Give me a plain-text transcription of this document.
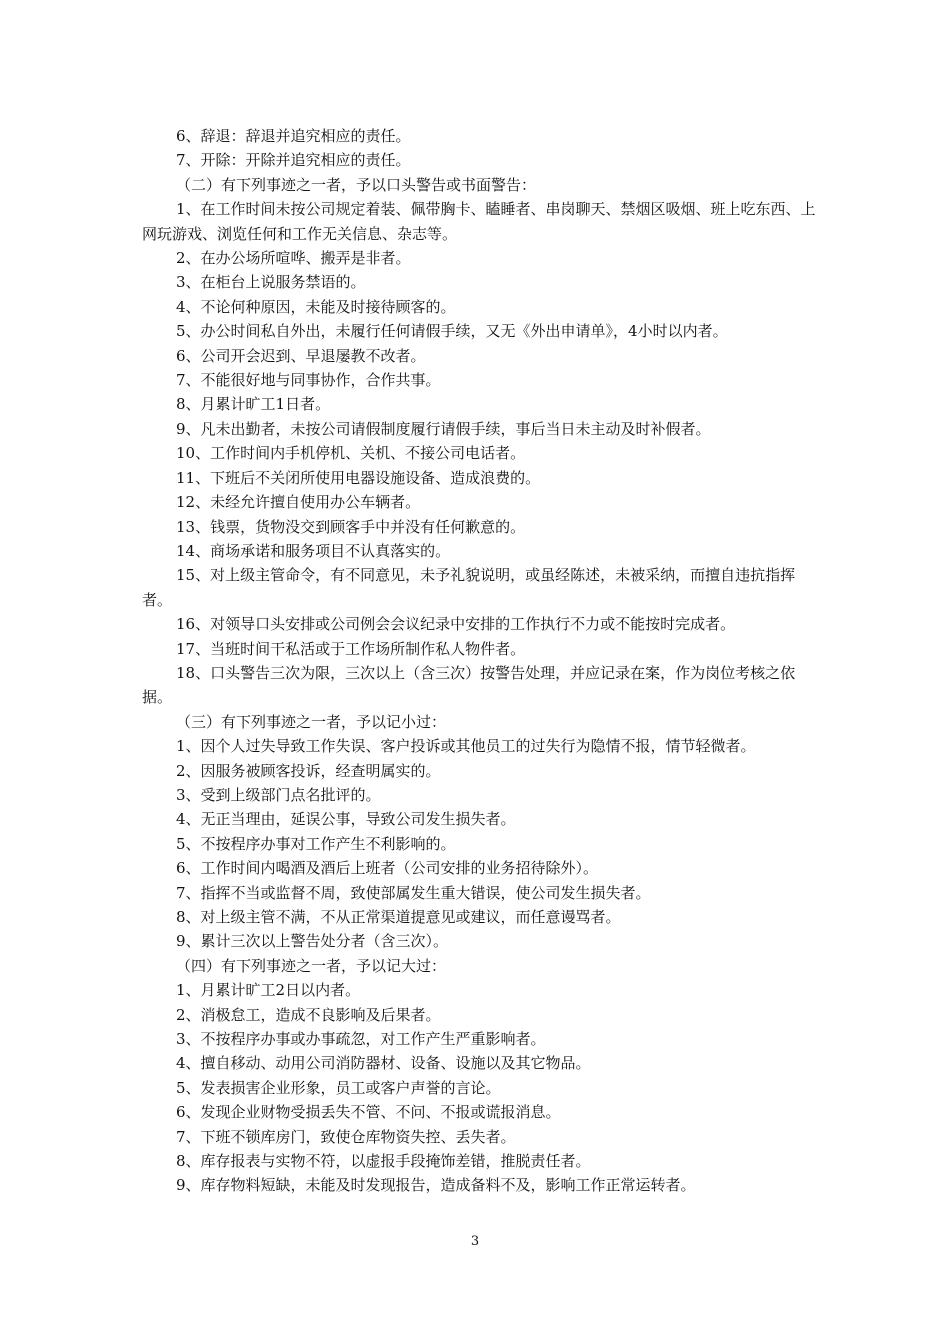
6、辞退：辞退并追究相应的责任。

7、开除：开除并追究相应的责任。

（二）有下列事迹之一者，予以口头警告或书面警告：

1、在工作时间未按公司规定着装、佩带胸卡、瞌睡者、串岗聊天、禁烟区吸烟、班上吃东西、上网玩游戏、浏览任何和工作无关信息、杂志等。

2、在办公场所喧哗、搬弄是非者。

3、在柜台上说服务禁语的。

4、不论何种原因，未能及时接待顾客的。

5、办公时间私自外出，未履行任何请假手续，又无《外出申请单》，4小时以内者。

6、公司开会迟到、早退屡教不改者。

7、不能很好地与同事协作，合作共事。

8、月累计旷工1日者。

9、凡未出勤者，未按公司请假制度履行请假手续，事后当日未主动及时补假者。

10、工作时间内手机停机、关机、不接公司电话者。

11、下班后不关闭所使用电器设施设备、造成浪费的。

12、未经允许擅自使用办公车辆者。

13、钱票，货物没交到顾客手中并没有任何歉意的。

14、商场承诺和服务项目不认真落实的。

15、对上级主管命令，有不同意见，未予礼貌说明，或虽经陈述，未被采纳，而擅自违抗指挥者。

16、对领导口头安排或公司例会会议纪录中安排的工作执行不力或不能按时完成者。

17、当班时间干私活或于工作场所制作私人物件者。

18、口头警告三次为限，三次以上（含三次）按警告处理，并应记录在案，作为岗位考核之依据。

（三）有下列事迹之一者，予以记小过：

1、因个人过失导致工作失误、客户投诉或其他员工的过失行为隐情不报，情节轻微者。

2、因服务被顾客投诉，经查明属实的。

3、受到上级部门点名批评的。

4、无正当理由，延误公事，导致公司发生损失者。

5、不按程序办事对工作产生不利影响的。

6、工作时间内喝酒及酒后上班者（公司安排的业务招待除外）。

7、指挥不当或监督不周，致使部属发生重大错误，使公司发生损失者。

8、对上级主管不满，不从正常渠道提意见或建议，而任意谩骂者。

9、累计三次以上警告处分者（含三次）。

（四）有下列事迹之一者，予以记大过：

1、月累计旷工2日以内者。

2、消极怠工，造成不良影响及后果者。

3、不按程序办事或办事疏忽，对工作产生严重影响者。

4、擅自移动、动用公司消防器材、设备、设施以及其它物品。

5、发表损害企业形象，员工或客户声誉的言论。

6、发现企业财物受损丢失不管、不问、不报或谎报消息。

7、下班不锁库房门，致使仓库物资失控、丢失者。

8、库存报表与实物不符，以虚报手段掩饰差错，推脱责任者。

9、库存物料短缺，未能及时发现报告，造成备料不及，影响工作正常运转者。

3
